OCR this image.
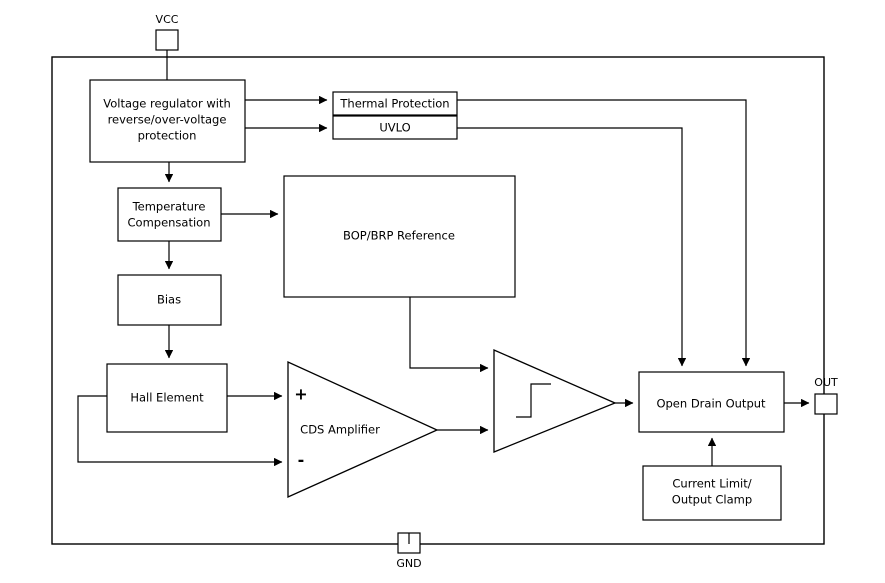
VCC
GND
OUT
Voltage regulator with
reverse/over-voltage
protection
Thermal Protection
UVLO
Temperature
Compensation
BOP/BRP Reference
Bias
Hall Element
CDS Amplifier
+
-
Open Drain Output
Current Limit/
Output Clamp
